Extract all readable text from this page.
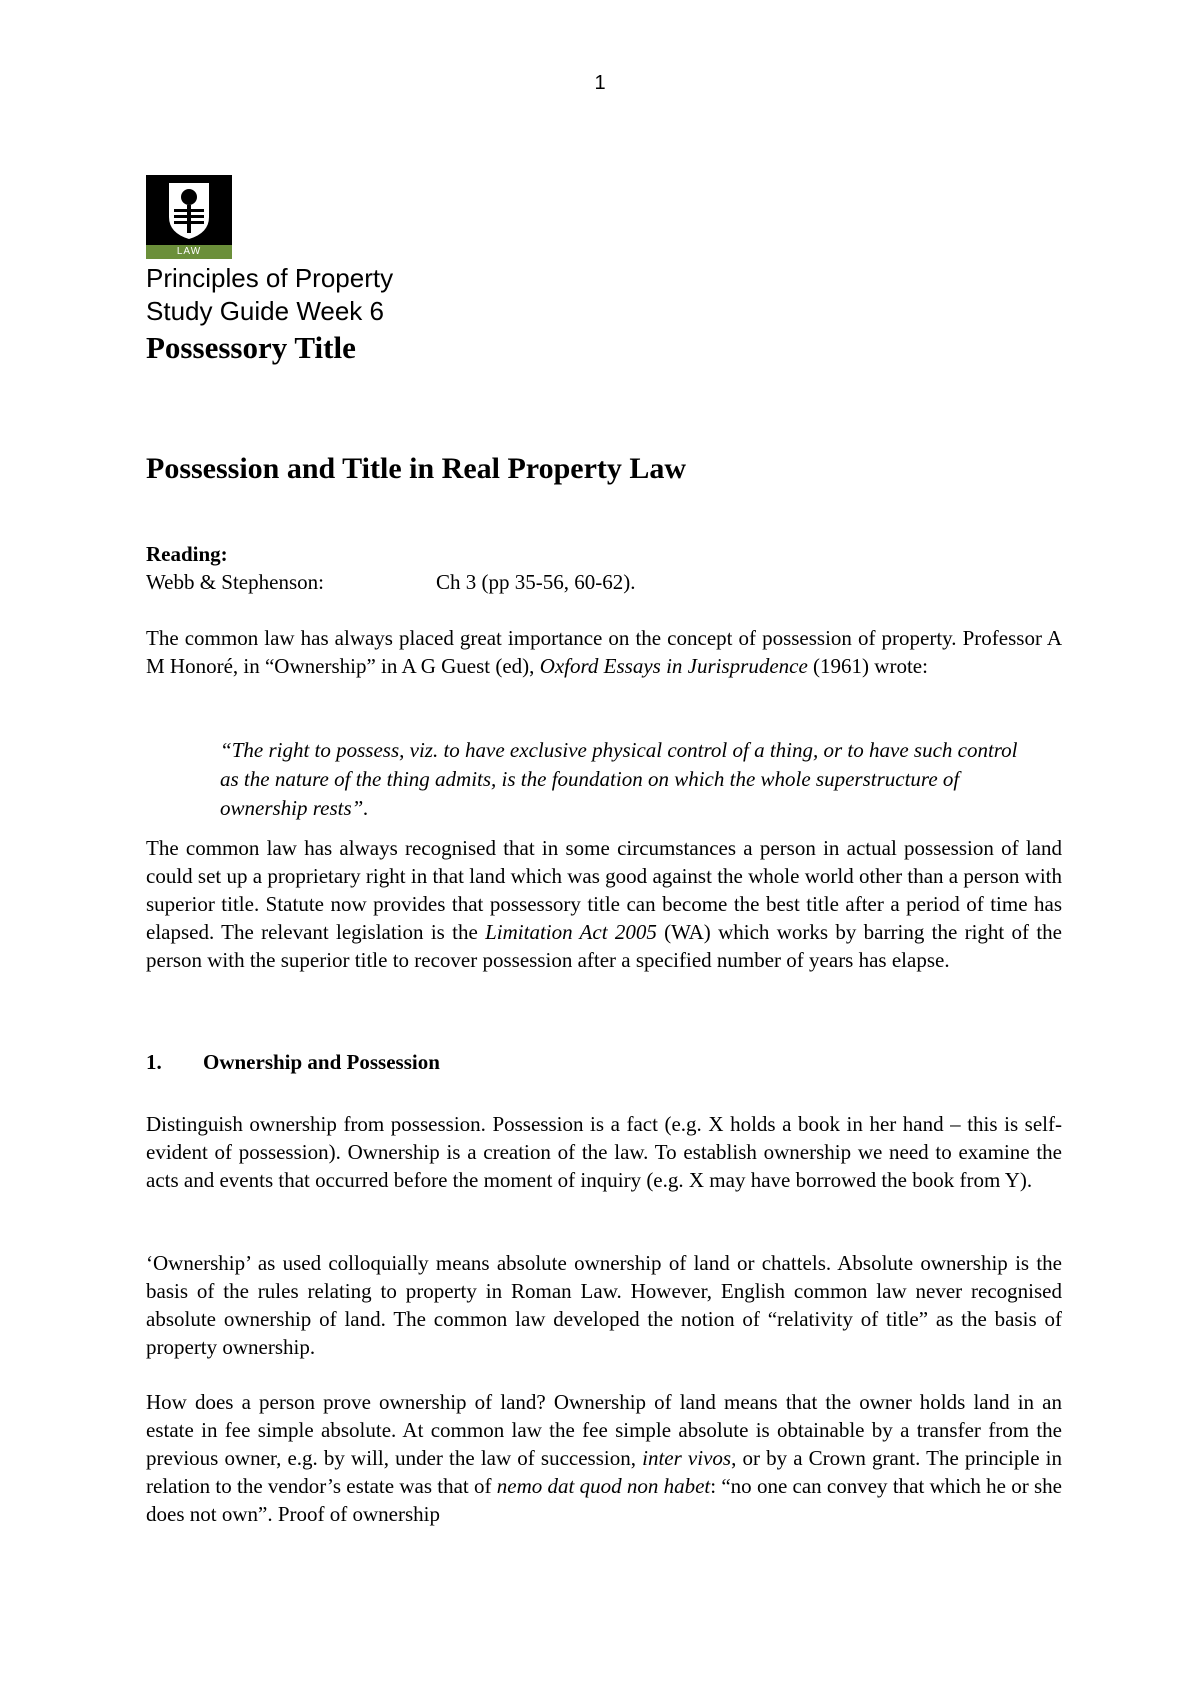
1
LAW
Principles of Property
Study Guide Week 6
Possessory Title
Possession and Title in Real Property Law
Reading:
Webb & Stephenson:	Ch 3 (pp 35-56, 60-62).

The common law has always placed great importance on the concept of possession of property. Professor A M Honoré, in “Ownership” in A G Guest (ed), Oxford Essays in Jurisprudence (1961) wrote:

“The right to possess, viz. to have exclusive physical control of a thing, or to have such control as the nature of the thing admits, is the foundation on which the whole superstructure of ownership rests”.

The common law has always recognised that in some circumstances a person in actual possession of land could set up a proprietary right in that land which was good against the whole world other than a person with superior title. Statute now provides that possessory title can become the best title after a period of time has elapsed. The relevant legislation is the Limitation Act 2005 (WA) which works by barring the right of the person with the superior title to recover possession after a specified number of years has elapse.

1. Ownership and Possession

Distinguish ownership from possession. Possession is a fact (e.g. X holds a book in her hand – this is self-evident of possession). Ownership is a creation of the law. To establish ownership we need to examine the acts and events that occurred before the moment of inquiry (e.g. X may have borrowed the book from Y).

‘Ownership’ as used colloquially means absolute ownership of land or chattels. Absolute ownership is the basis of the rules relating to property in Roman Law. However, English common law never recognised absolute ownership of land. The common law developed the notion of “relativity of title” as the basis of property ownership.

How does a person prove ownership of land? Ownership of land means that the owner holds land in an estate in fee simple absolute. At common law the fee simple absolute is obtainable by a transfer from the previous owner, e.g. by will, under the law of succession, inter vivos, or by a Crown grant. The principle in relation to the vendor’s estate was that of nemo dat quod non habet: “no one can convey that which he or she does not own”. Proof of ownership
